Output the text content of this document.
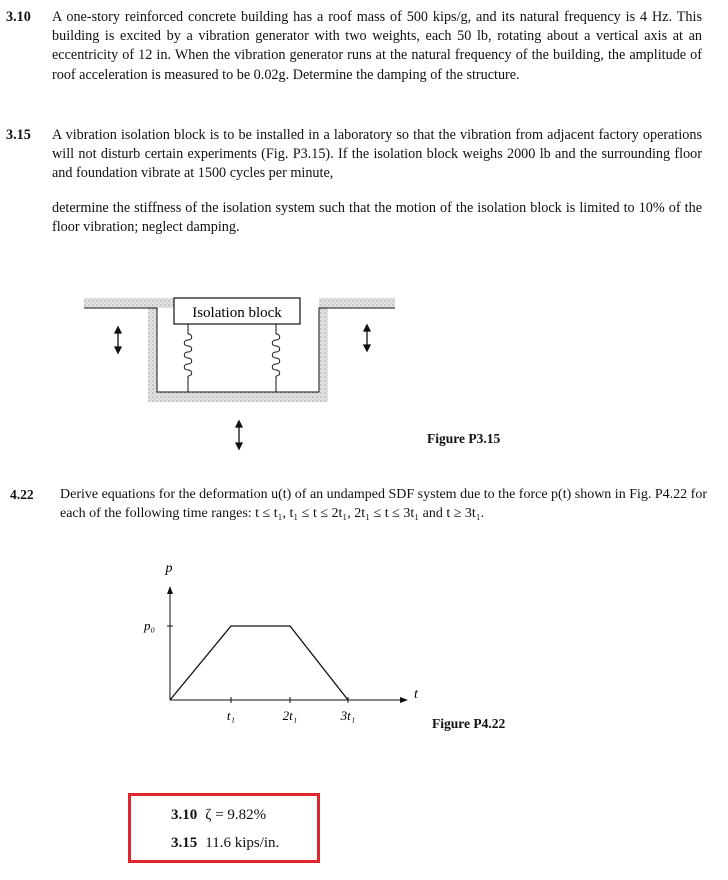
3.10 A one-story reinforced concrete building has a roof mass of 500 kips/g, and its natural frequency is 4 Hz. This building is excited by a vibration generator with two weights, each 50 lb, rotating about a vertical axis at an eccentricity of 12 in. When the vibration generator runs at the natural frequency of the building, the amplitude of roof acceleration is measured to be 0.02g. Determine the damping of the structure.

3.15 A vibration isolation block is to be installed in a laboratory so that the vibration from adjacent factory operations will not disturb certain experiments (Fig. P3.15). If the isolation block weighs 2000 lb and the surrounding floor and foundation vibrate at 1500 cycles per minute,

determine the stiffness of the isolation system such that the motion of the isolation block is limited to 10% of the floor vibration; neglect damping.
Isolation block
Figure P3.15
4.22 Derive equations for the deformation u(t) of an undamped SDF system due to the force p(t) shown in Fig. P4.22 for each of the following time ranges: t ≤ t₁, t₁ ≤ t ≤ 2t₁, 2t₁ ≤ t ≤ 3t₁ and t ≥ 3t₁.

p
t
p₀
t₁	2t₁	3t₁
Figure P4.22
3.10 ζ = 9.82%
3.15 11.6 kips/in.
